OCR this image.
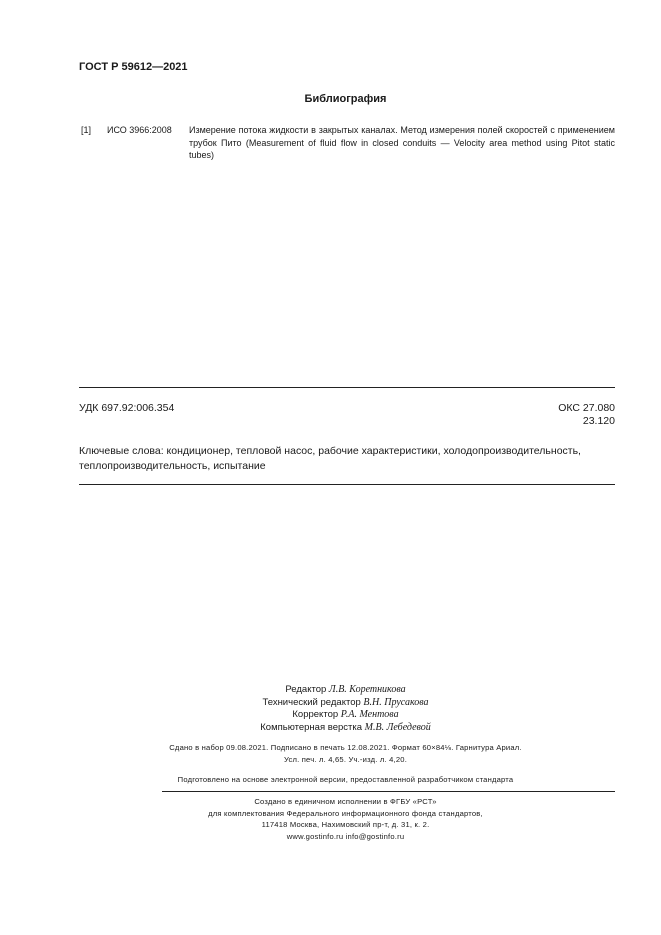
ГОСТ Р 59612—2021
Библиография
[1] ИСО 3966:2008 Измерение потока жидкости в закрытых каналах. Метод измерения полей скоростей с применением трубок Пито (Measurement of fluid flow in closed conduits — Velocity area method using Pitot static tubes)
УДК 697.92:006.354	ОКС 27.080
23.120
Ключевые слова: кондиционер, тепловой насос, рабочие характеристики, холодопроизводительность, теплопроизводительность, испытание
Редактор Л.В. Коретникова
Технический редактор В.Н. Прусакова
Корректор Р.А. Ментова
Компьютерная верстка М.В. Лебедевой
Сдано в набор 09.08.2021. Подписано в печать 12.08.2021. Формат 60×84⅛. Гарнитура Ариал.
Усл. печ. л. 4,65. Уч.-изд. л. 4,20.
Подготовлено на основе электронной версии, предоставленной разработчиком стандарта
Создано в единичном исполнении в ФГБУ «РСТ»
для комплектования Федерального информационного фонда стандартов,
117418 Москва, Нахимовский пр-т, д. 31, к. 2.
www.gostinfo.ru info@gostinfo.ru
